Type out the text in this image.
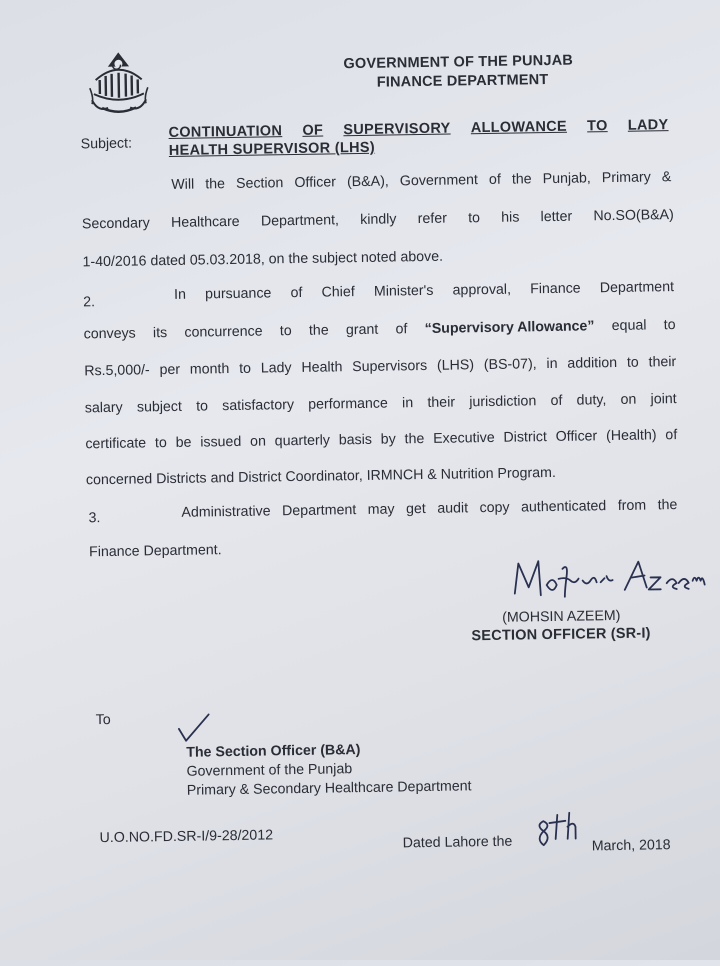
GOVERNMENT OF THE PUNJAB
FINANCE DEPARTMENT
Subject:
CONTINUATION OF SUPERVISORY ALLOWANCE TO LADY
HEALTH SUPERVISOR (LHS)
Will the Section Officer (B&A), Government of the Punjab, Primary &
Secondary Healthcare Department, kindly refer to his letter No.SO(B&A)
1-40/2016 dated 05.03.2018, on the subject noted above.
2.	In pursuance of Chief Minister's approval, Finance Department
conveys its concurrence to the grant of “Supervisory Allowance” equal to
Rs.5,000/- per month to Lady Health Supervisors (LHS) (BS-07), in addition to their
salary subject to satisfactory performance in their jurisdiction of duty, on joint
certificate to be issued on quarterly basis by the Executive District Officer (Health) of
concerned Districts and District Coordinator, IRMNCH & Nutrition Program.
3.	Administrative Department may get audit copy authenticated from the
Finance Department.
(MOHSIN AZEEM)
SECTION OFFICER (SR-I)
To
The Section Officer (B&A)
Government of the Punjab
Primary & Secondary Healthcare Department
U.O.NO.FD.SR-I/9-28/2012	Dated Lahore the	March, 2018
